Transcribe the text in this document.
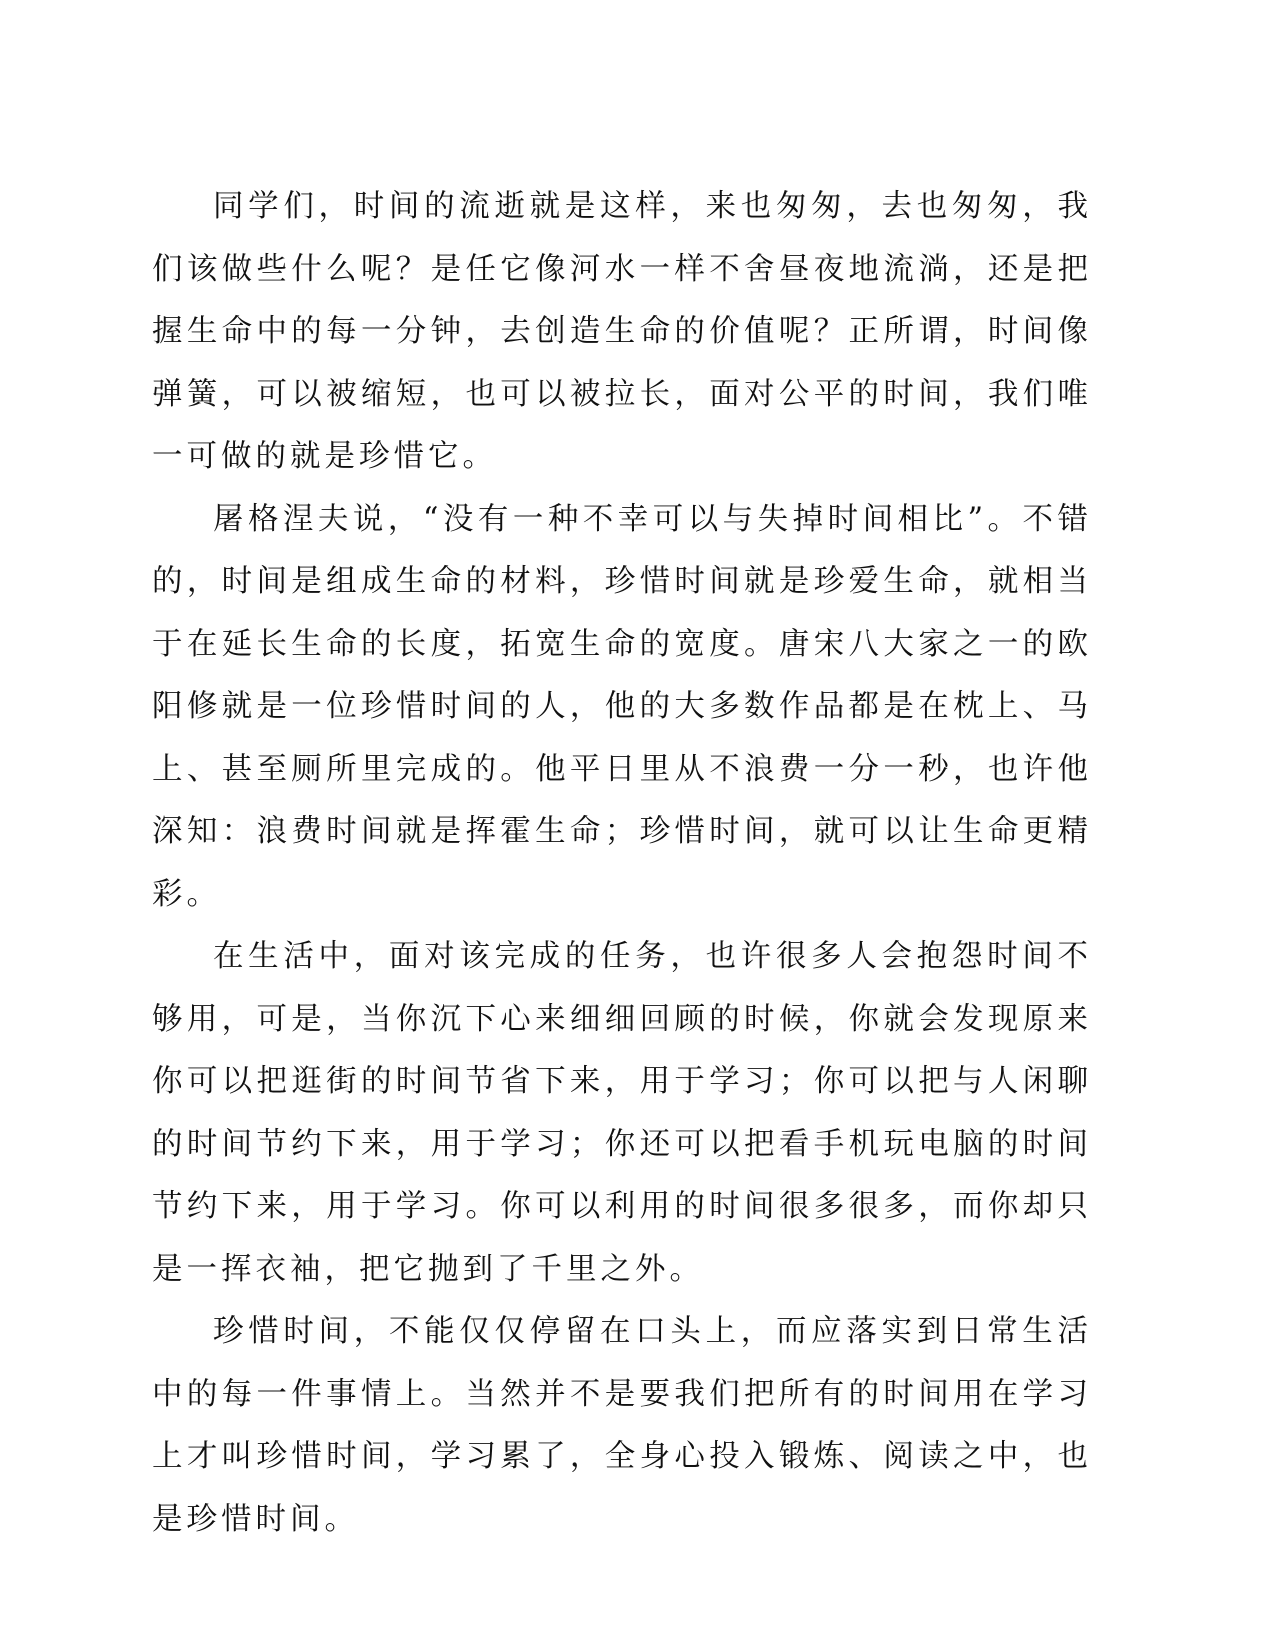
同学们，时间的流逝就是这样，来也匆匆，去也匆匆，我们该做些什么呢？是任它像河水一样不舍昼夜地流淌，还是把握生命中的每一分钟，去创造生命的价值呢？正所谓，时间像弹簧，可以被缩短，也可以被拉长，面对公平的时间，我们唯一可做的就是珍惜它。

屠格涅夫说，“没有一种不幸可以与失掉时间相比”。不错的，时间是组成生命的材料，珍惜时间就是珍爱生命，就相当于在延长生命的长度，拓宽生命的宽度。唐宋八大家之一的欧阳修就是一位珍惜时间的人，他的大多数作品都是在枕上、马上、甚至厕所里完成的。他平日里从不浪费一分一秒，也许他深知：浪费时间就是挥霍生命；珍惜时间，就可以让生命更精彩。

在生活中，面对该完成的任务，也许很多人会抱怨时间不够用，可是，当你沉下心来细细回顾的时候，你就会发现原来你可以把逛街的时间节省下来，用于学习；你可以把与人闲聊的时间节约下来，用于学习；你还可以把看手机玩电脑的时间节约下来，用于学习。你可以利用的时间很多很多，而你却只是一挥衣袖，把它抛到了千里之外。

珍惜时间，不能仅仅停留在口头上，而应落实到日常生活中的每一件事情上。当然并不是要我们把所有的时间用在学习上才叫珍惜时间，学习累了，全身心投入锻炼、阅读之中，也是珍惜时间。
